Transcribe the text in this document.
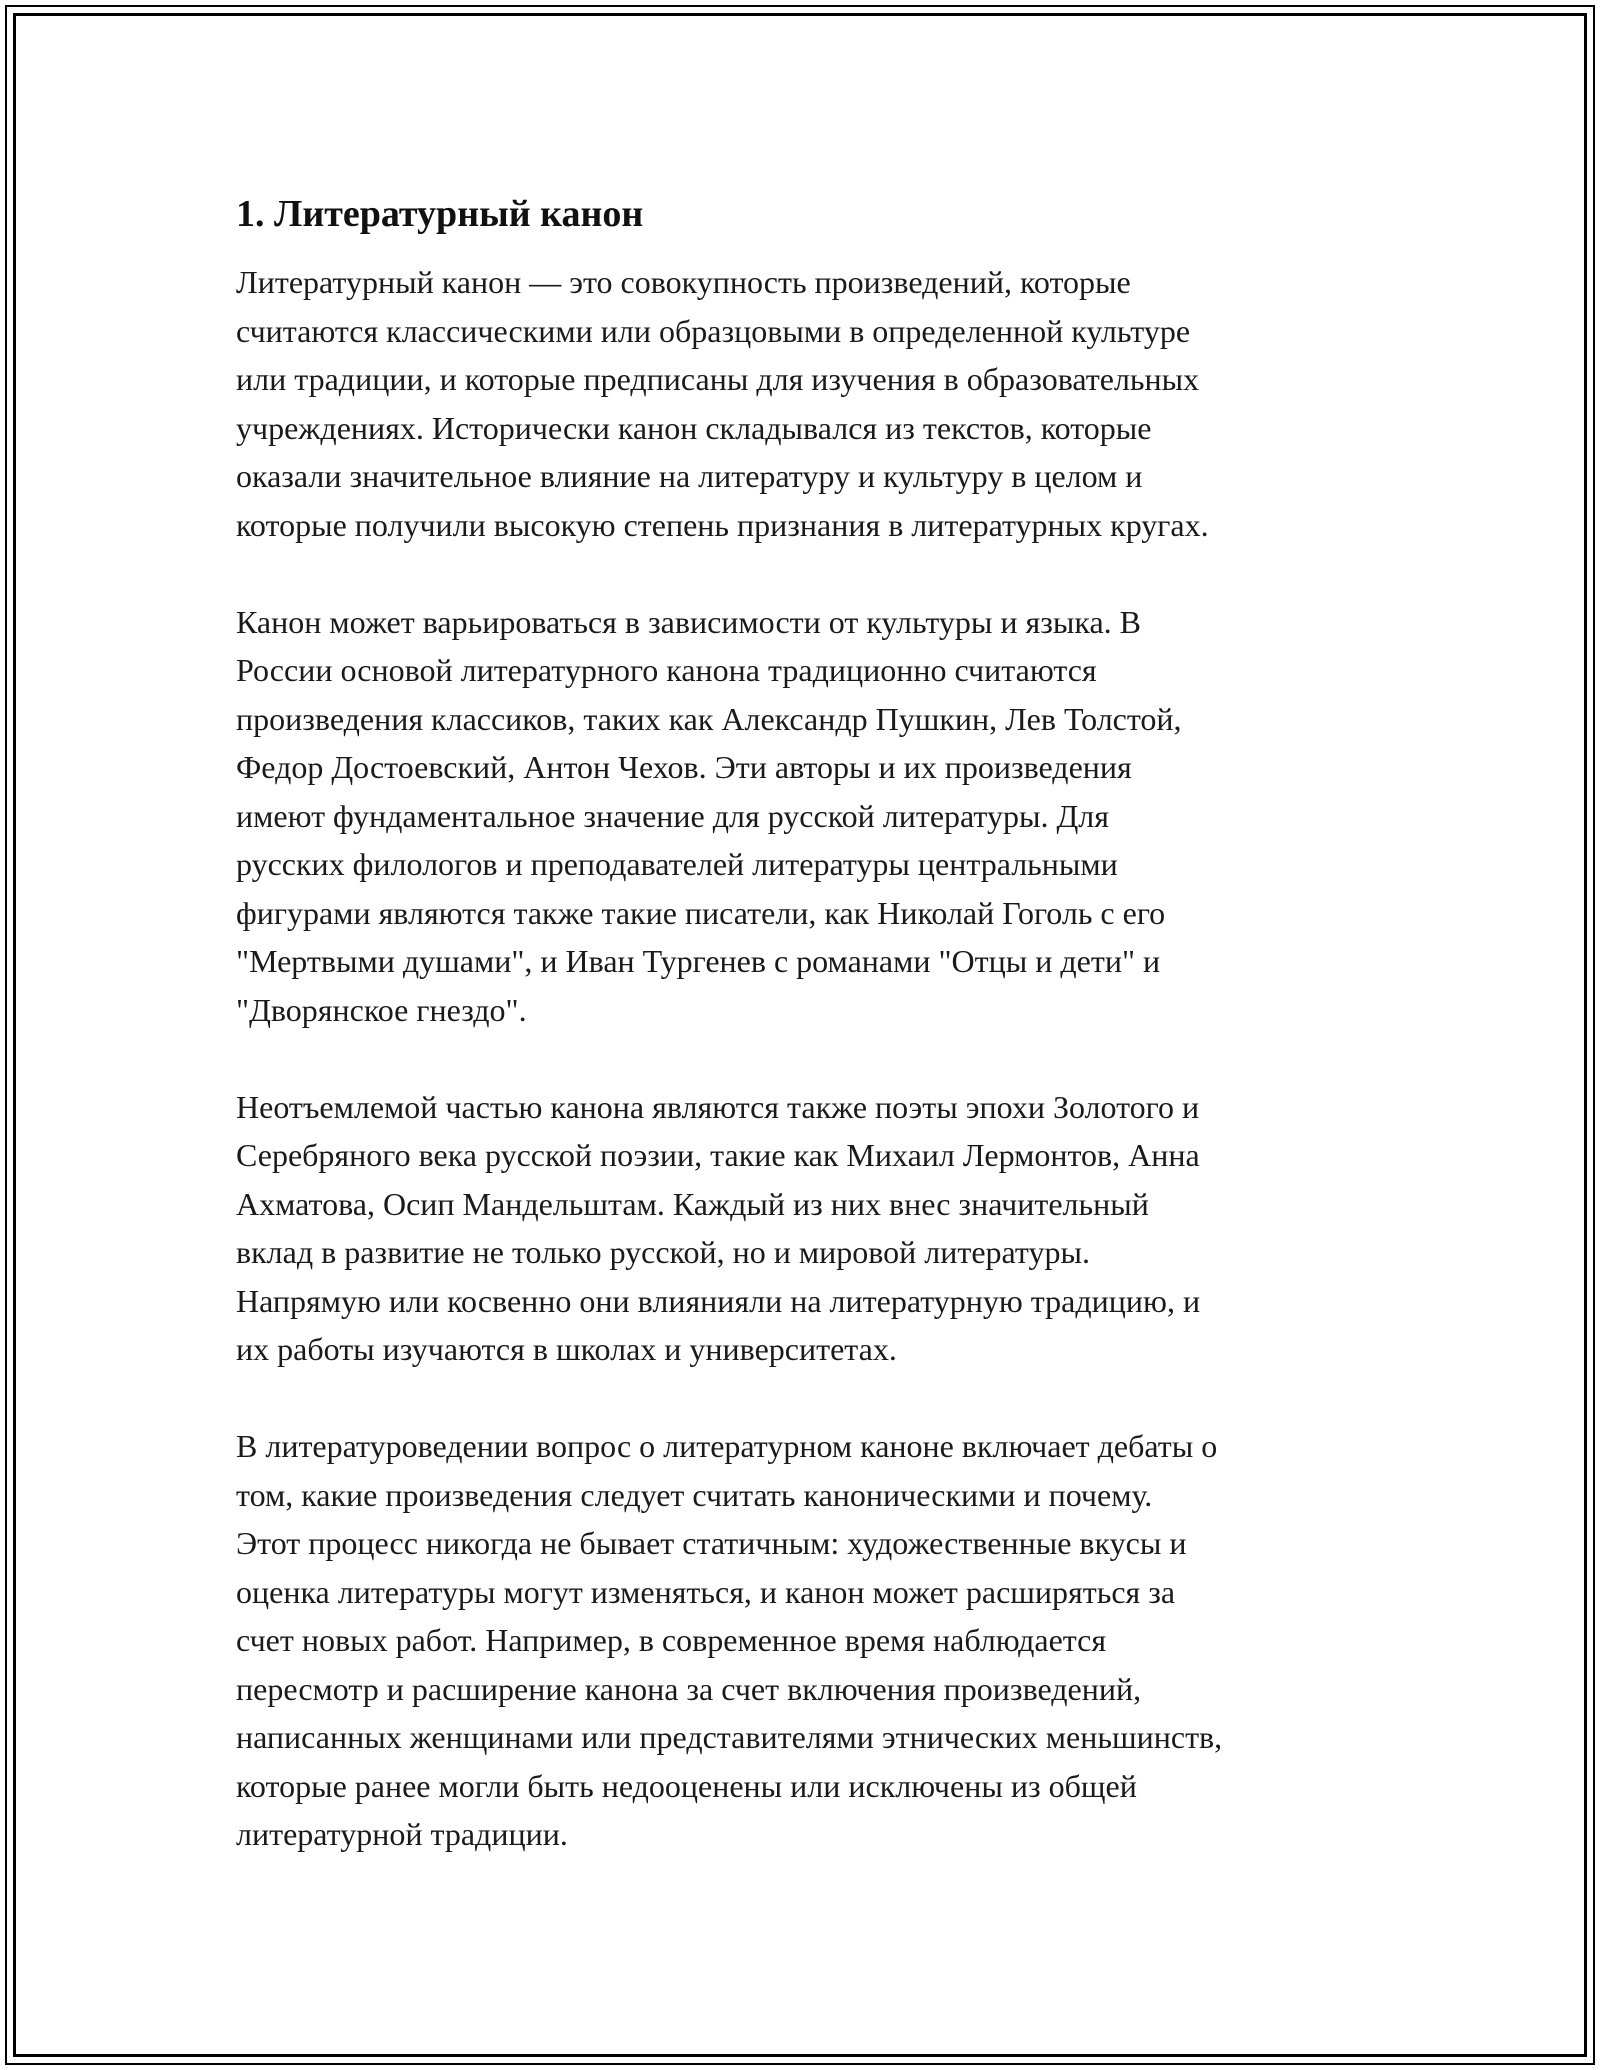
1. Литературный канон

Литературный канон — это совокупность произведений, которые
считаются классическими или образцовыми в определенной культуре
или традиции, и которые предписаны для изучения в образовательных
учреждениях. Исторически канон складывался из текстов, которые
оказали значительное влияние на литературу и культуру в целом и
которые получили высокую степень признания в литературных кругах.

Канон может варьироваться в зависимости от культуры и языка. В
России основой литературного канона традиционно считаются
произведения классиков, таких как Александр Пушкин, Лев Толстой,
Федор Достоевский, Антон Чехов. Эти авторы и их произведения
имеют фундаментальное значение для русской литературы. Для
русских филологов и преподавателей литературы центральными
фигурами являются также такие писатели, как Николай Гоголь с его
"Мертвыми душами", и Иван Тургенев с романами "Отцы и дети" и
"Дворянское гнездо".

Неотъемлемой частью канона являются также поэты эпохи Золотого и
Серебряного века русской поэзии, такие как Михаил Лермонтов, Анна
Ахматова, Осип Мандельштам. Каждый из них внес значительный
вклад в развитие не только русской, но и мировой литературы.
Напрямую или косвенно они влиянияли на литературную традицию, и
их работы изучаются в школах и университетах.

В литературоведении вопрос о литературном каноне включает дебаты о
том, какие произведения следует считать каноническими и почему.
Этот процесс никогда не бывает статичным: художественные вкусы и
оценка литературы могут изменяться, и канон может расширяться за
счет новых работ. Например, в современное время наблюдается
пересмотр и расширение канона за счет включения произведений,
написанных женщинами или представителями этнических меньшинств,
которые ранее могли быть недооценены или исключены из общей
литературной традиции.
